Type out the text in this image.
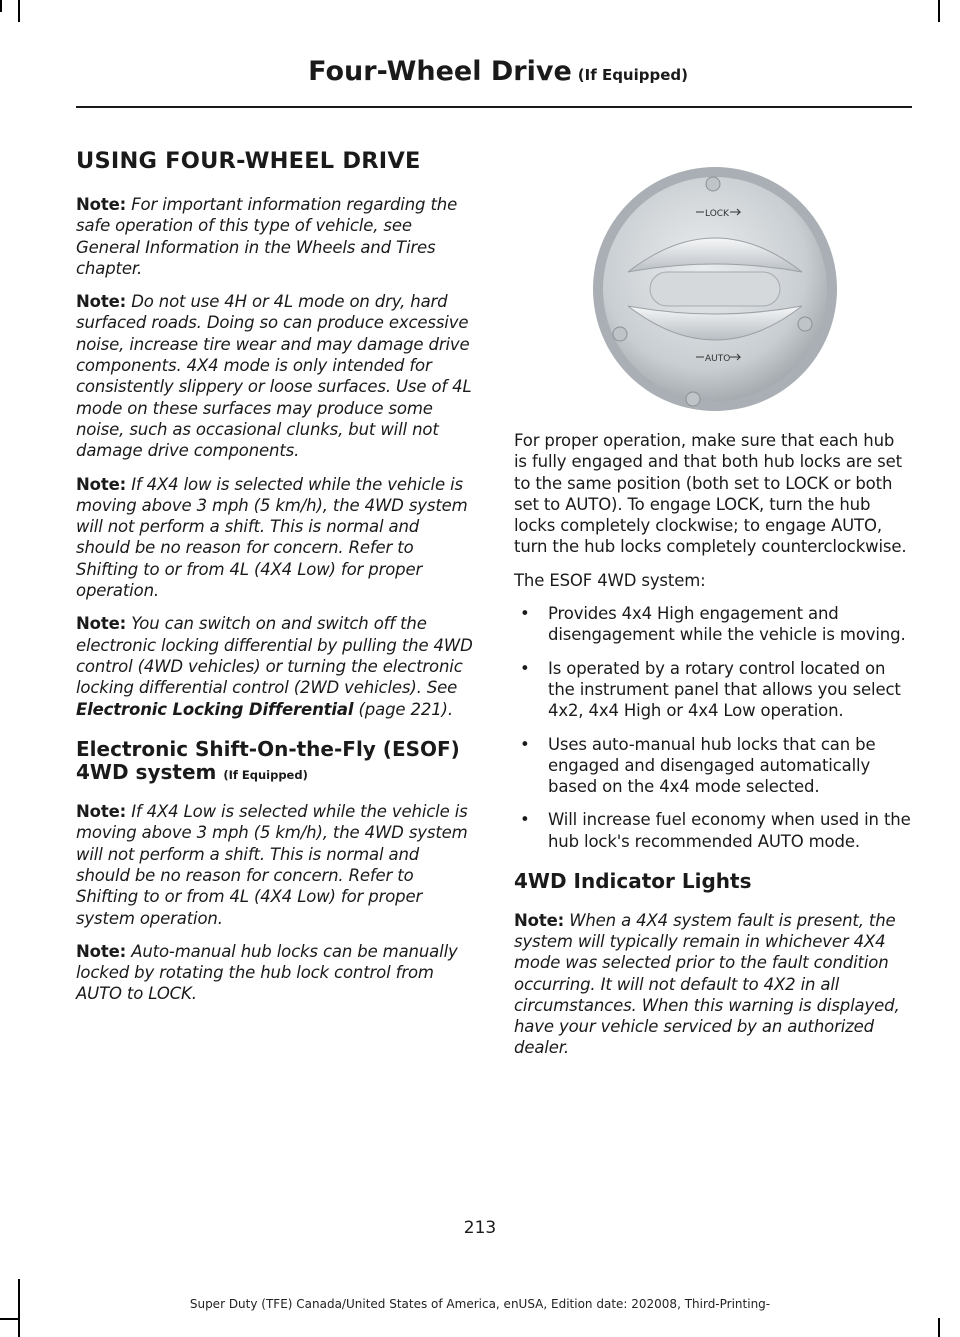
Four-Wheel Drive (If Equipped)
USING FOUR-WHEEL DRIVE

Note: For important information regarding the safe operation of this type of vehicle, see General Information in the Wheels and Tires chapter.

Note: Do not use 4H or 4L mode on dry, hard surfaced roads. Doing so can produce excessive noise, increase tire wear and may damage drive components. 4X4 mode is only intended for consistently slippery or loose surfaces. Use of 4L mode on these surfaces may produce some noise, such as occasional clunks, but will not damage drive components.

Note: If 4X4 low is selected while the vehicle is moving above 3 mph (5 km/h), the 4WD system will not perform a shift. This is normal and should be no reason for concern. Refer to Shifting to or from 4L (4X4 Low) for proper operation.

Note: You can switch on and switch off the electronic locking differential by pulling the 4WD control (4WD vehicles) or turning the electronic locking differential control (2WD vehicles). See Electronic Locking Differential (page 221).

Electronic Shift-On-the-Fly (ESOF) 4WD system (If Equipped)

Note: If 4X4 Low is selected while the vehicle is moving above 3 mph (5 km/h), the 4WD system will not perform a shift. This is normal and should be no reason for concern. Refer to Shifting to or from 4L (4X4 Low) for proper system operation.

Note: Auto-manual hub locks can be manually locked by rotating the hub lock control from AUTO to LOCK.

LOCK
AUTO

For proper operation, make sure that each hub is fully engaged and that both hub locks are set to the same position (both set to LOCK or both set to AUTO). To engage LOCK, turn the hub locks completely clockwise; to engage AUTO, turn the hub locks completely counterclockwise.

The ESOF 4WD system:

• Provides 4x4 High engagement and disengagement while the vehicle is moving.
• Is operated by a rotary control located on the instrument panel that allows you select 4x2, 4x4 High or 4x4 Low operation.
• Uses auto-manual hub locks that can be engaged and disengaged automatically based on the 4x4 mode selected.
• Will increase fuel economy when used in the hub lock's recommended AUTO mode.
4WD Indicator Lights

Note: When a 4X4 system fault is present, the system will typically remain in whichever 4X4 mode was selected prior to the fault condition occurring. It will not default to 4X2 in all circumstances. When this warning is displayed, have your vehicle serviced by an authorized dealer.

213
Super Duty (TFE) Canada/United States of America, enUSA, Edition date: 202008, Third-Printing-
